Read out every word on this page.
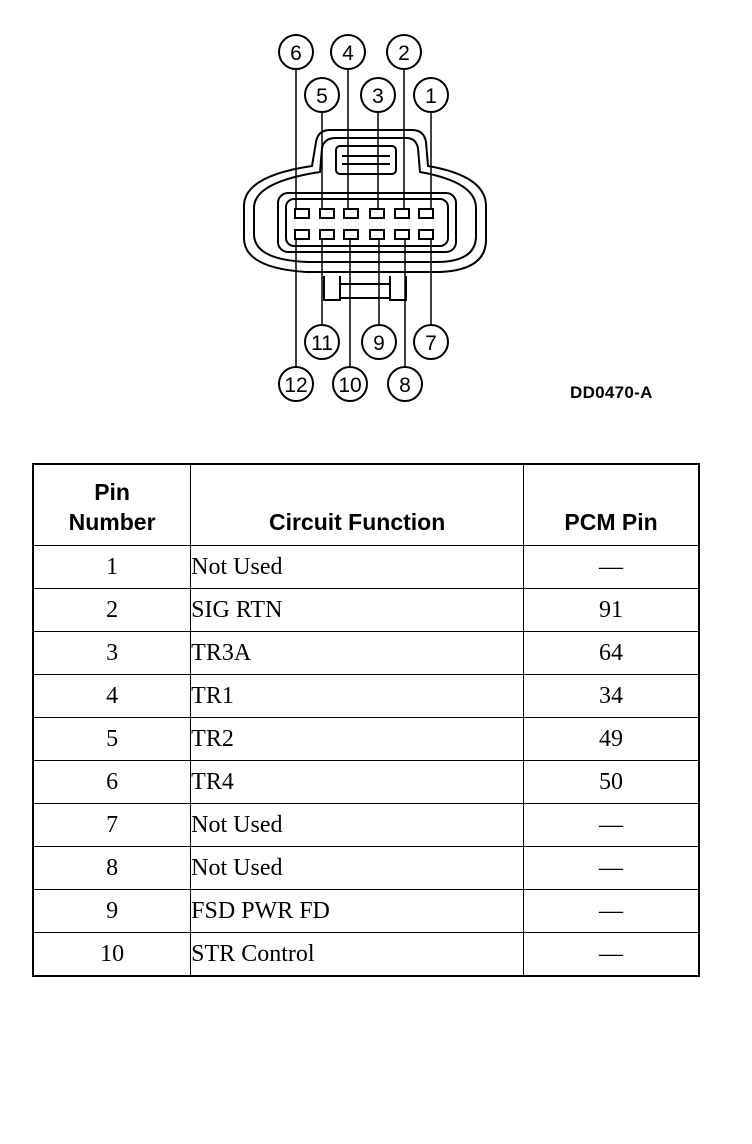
6 4 2
5 3 1
11 9 7
12 10 8	DD0470-A
Pin
Number	Circuit Function	PCM Pin
1	Not Used	—
2	SIG RTN	91
3	TR3A	64
4	TR1	34
5	TR2	49
6	TR4	50
7	Not Used	—
8	Not Used	—
9	FSD PWR FD	—
10	STR Control	—
